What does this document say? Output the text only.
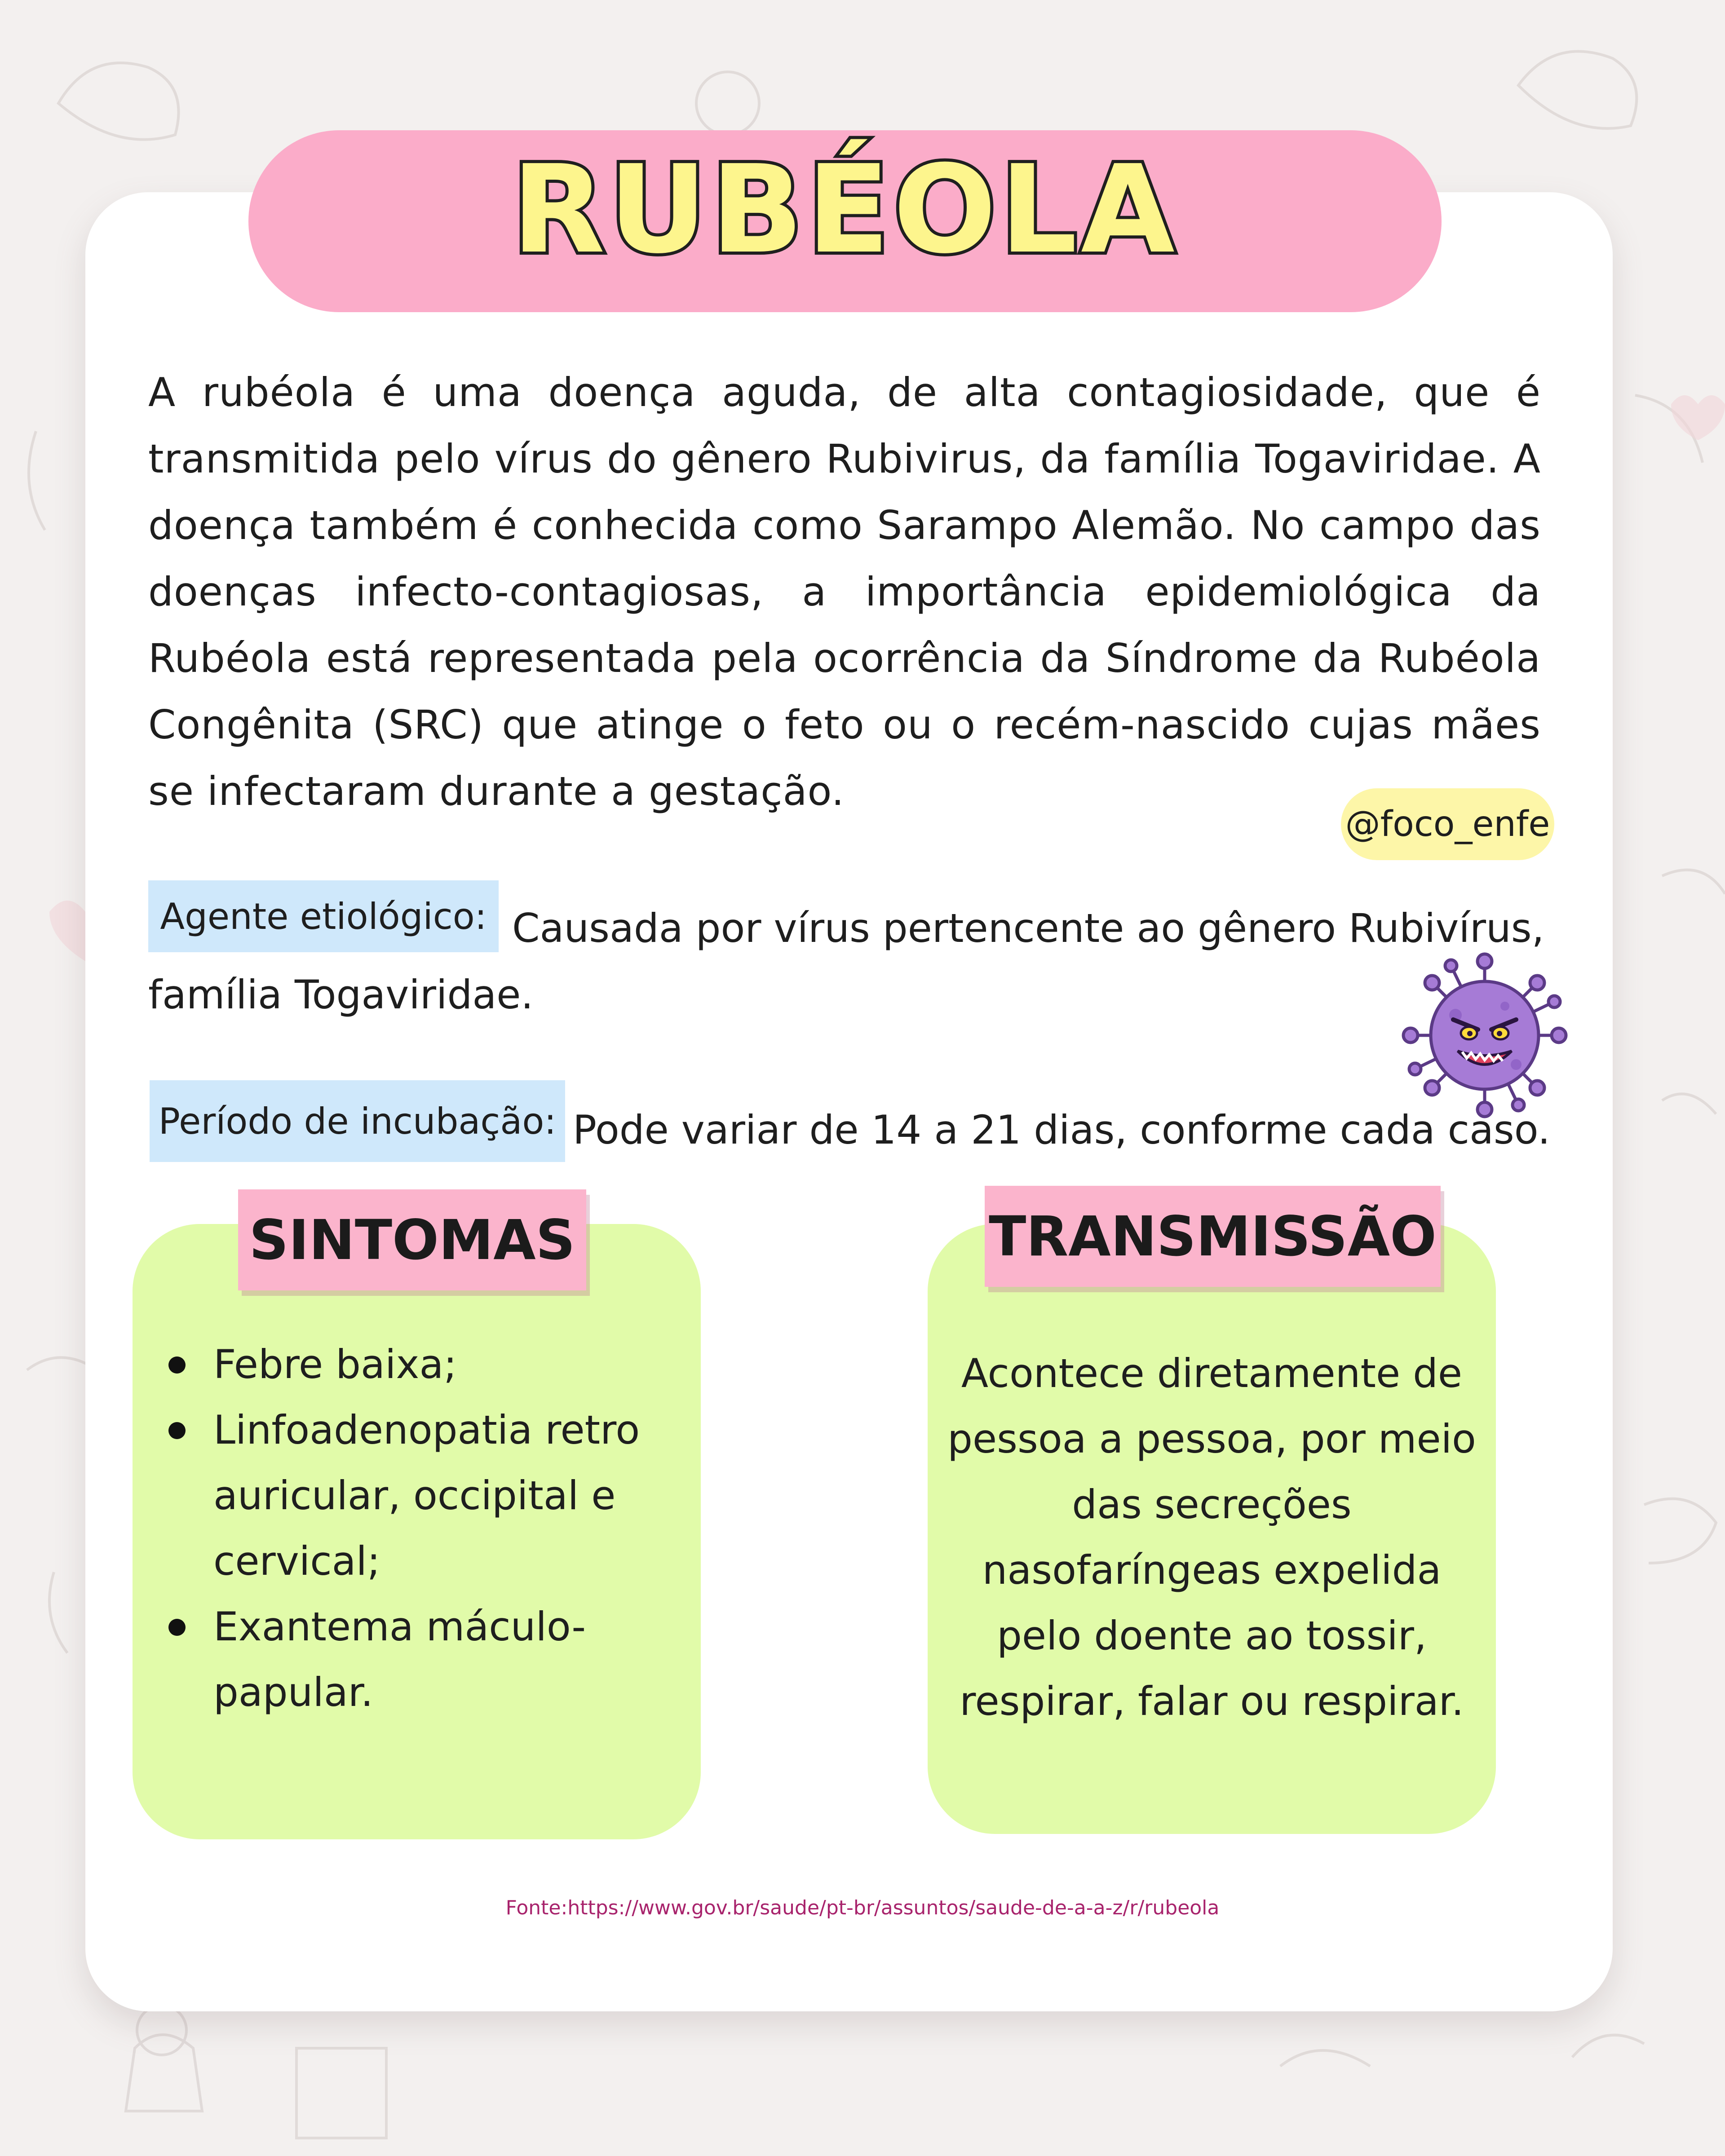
RUBÉOLA

A rubéola é uma doença aguda, de alta contagiosidade, que é transmitida pelo vírus do gênero Rubivirus, da família Togaviridae. A doença também é conhecida como Sarampo Alemão. No campo das doenças infecto-contagiosas, a importância epidemiológica da Rubéola está representada pela ocorrência da Síndrome da Rubéola Congênita (SRC) que atinge o feto ou o recém-nascido cujas mães se infectaram durante a gestação.

@foco_enfe
Agente etiológico: Causada por vírus pertencente ao gênero Rubivírus,
família Togaviridae.
Período de incubação: Pode variar de 14 a 21 dias, conforme cada caso.
SINTOMAS
Febre baixa;
Linfoadenopatia retro auricular, occipital e cervical;
Exantema máculo-papular.
TRANSMISSÃO

Acontece diretamente de pessoa a pessoa, por meio das secreções nasofaríngeas expelida pelo doente ao tossir, respirar, falar ou respirar.

Fonte:https://www.gov.br/saude/pt-br/assuntos/saude-de-a-a-z/r/rubeola
